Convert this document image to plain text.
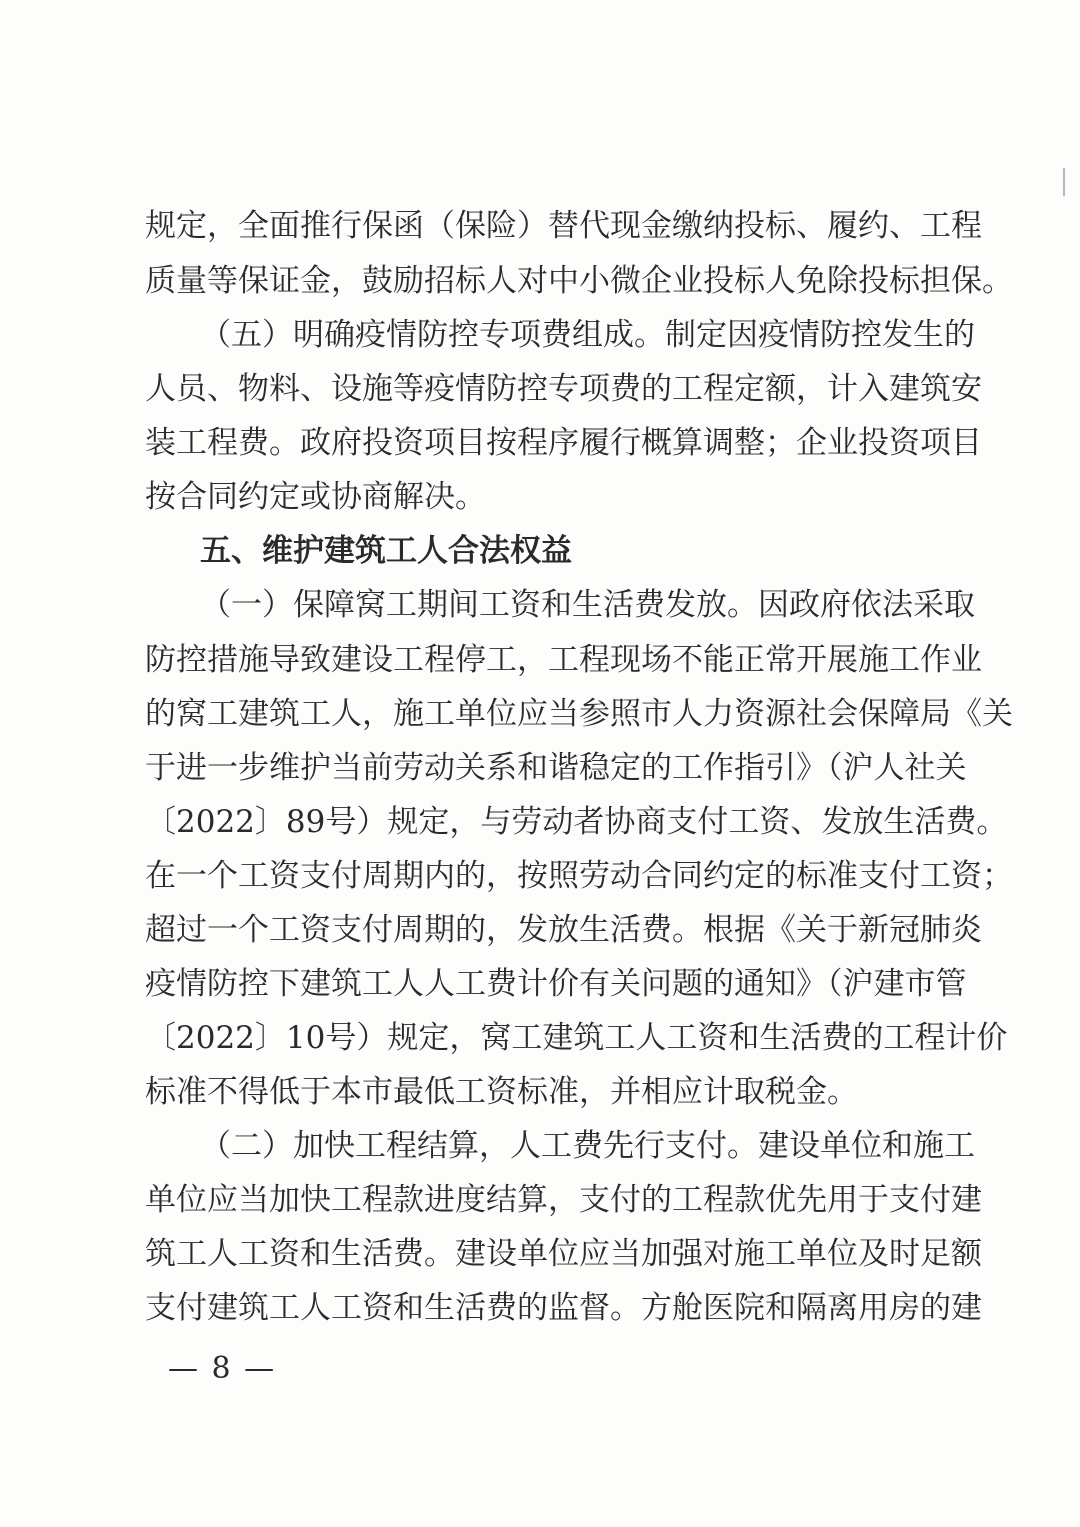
规定，全面推行保函（保险）替代现金缴纳投标、履约、工程
质量等保证金，鼓励招标人对中小微企业投标人免除投标担保。
（五）明确疫情防控专项费组成。制定因疫情防控发生的
人员、物料、设施等疫情防控专项费的工程定额，计入建筑安
装工程费。政府投资项目按程序履行概算调整；企业投资项目
按合同约定或协商解决。
五、维护建筑工人合法权益
（一）保障窝工期间工资和生活费发放。因政府依法采取
防控措施导致建设工程停工，工程现场不能正常开展施工作业
的窝工建筑工人，施工单位应当参照市人力资源社会保障局《关
于进一步维护当前劳动关系和谐稳定的工作指引》（沪人社关
〔2022〕89号）规定，与劳动者协商支付工资、发放生活费。
在一个工资支付周期内的，按照劳动合同约定的标准支付工资；
超过一个工资支付周期的，发放生活费。根据《关于新冠肺炎
疫情防控下建筑工人人工费计价有关问题的通知》（沪建市管
〔2022〕10号）规定，窝工建筑工人工资和生活费的工程计价
标准不得低于本市最低工资标准，并相应计取税金。
（二）加快工程结算，人工费先行支付。建设单位和施工
单位应当加快工程款进度结算，支付的工程款优先用于支付建
筑工人工资和生活费。建设单位应当加强对施工单位及时足额
支付建筑工人工资和生活费的监督。方舱医院和隔离用房的建
— 8 —
